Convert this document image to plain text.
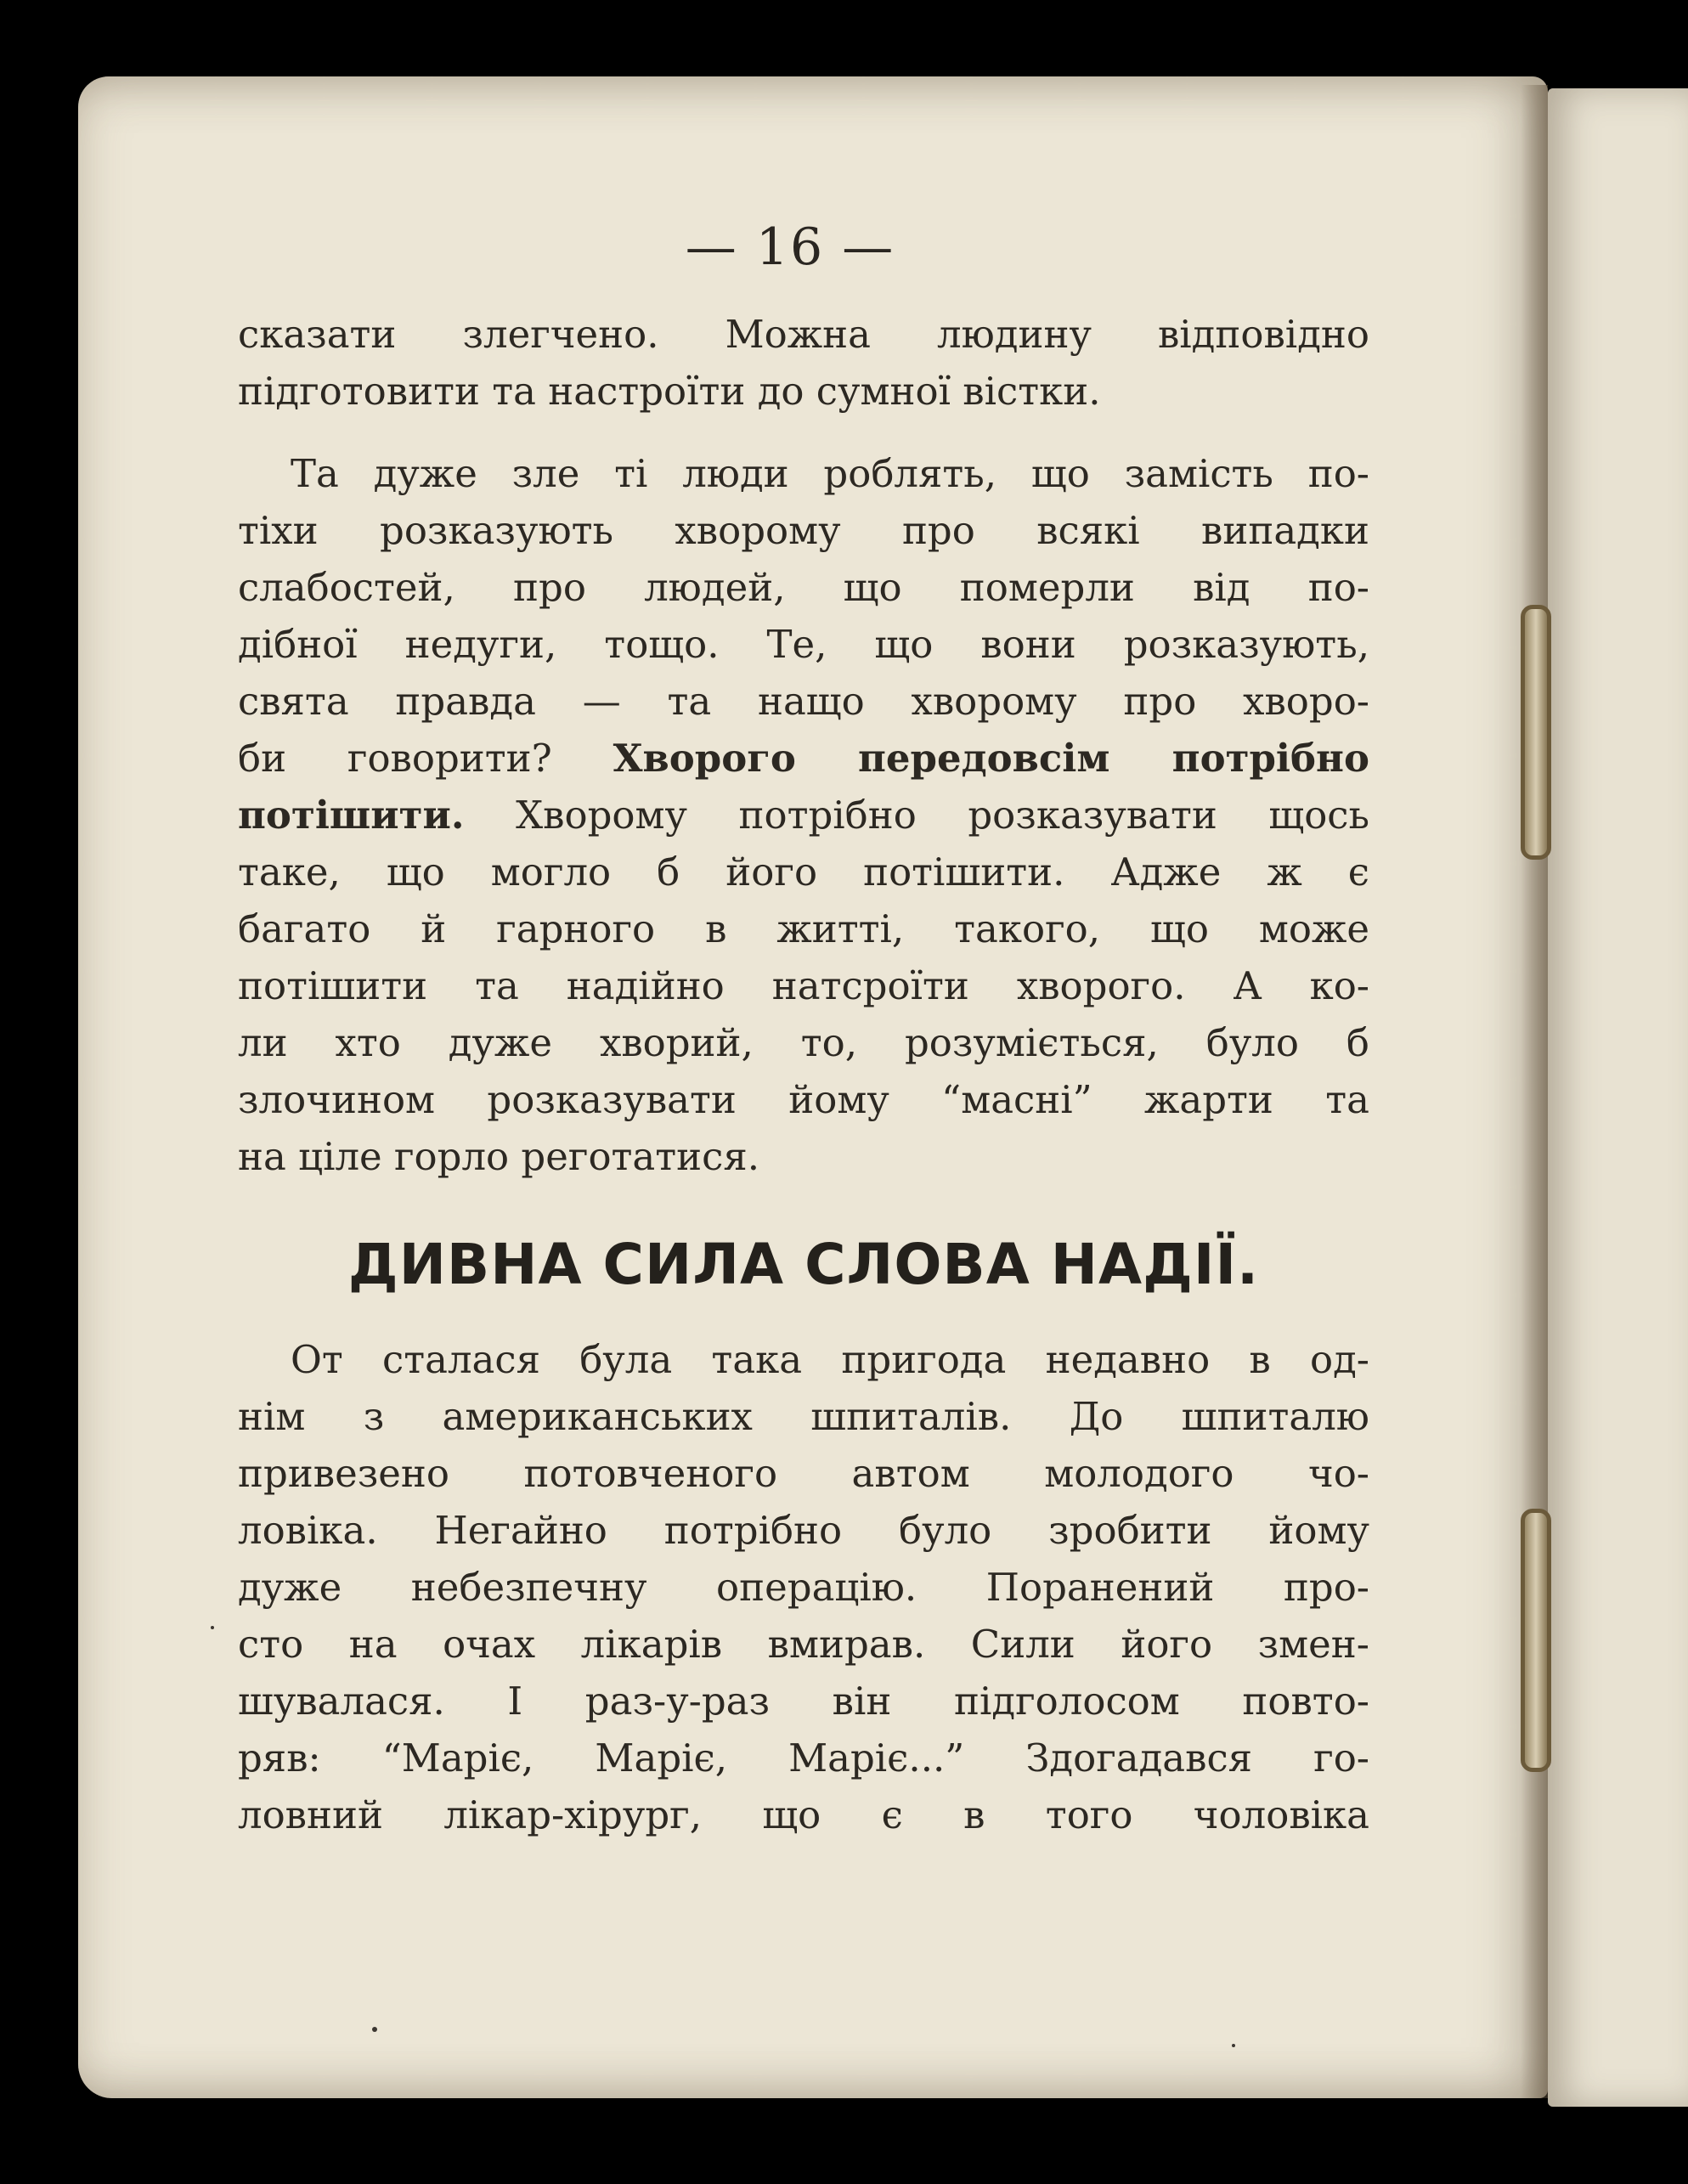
— 16 —
сказати злегчено. Можна людину відповідно
підготовити та настроїти до сумної вістки.
Та дуже зле ті люди роблять, що замість по-
тіхи розказують хворому про всякі випадки
слабостей, про людей, що померли від по-
дібної недуги, тощо. Те, що вони розказують,
свята правда — та нащо хворому про хворо-
би говорити? Хворого передовсім потрібно
потішити. Хворому потрібно розказувати щось
таке, що могло б його потішити. Адже ж є
багато й гарного в житті, такого, що може
потішити та надійно натсроїти хворого. А ко-
ли хто дуже хворий, то, розуміється, було б
злочином розказувати йому “масні” жарти та
на ціле горло реготатися.
ДИВНА СИЛА СЛОВА НАДІЇ.
От сталася була така пригода недавно в од-
нім з американських шпиталів. До шпиталю
привезено потовченого автом молодого чо-
ловіка. Негайно потрібно було зробити йому
дуже небезпечну операцію. Поранений про-
сто на очах лікарів вмирав. Сили його змен-
шувалася. І раз-у-раз він підголосом повто-
ряв: “Маріє, Маріє, Маріє...” Здогадався го-
ловний лікар-хірург, що є в того чоловіка
